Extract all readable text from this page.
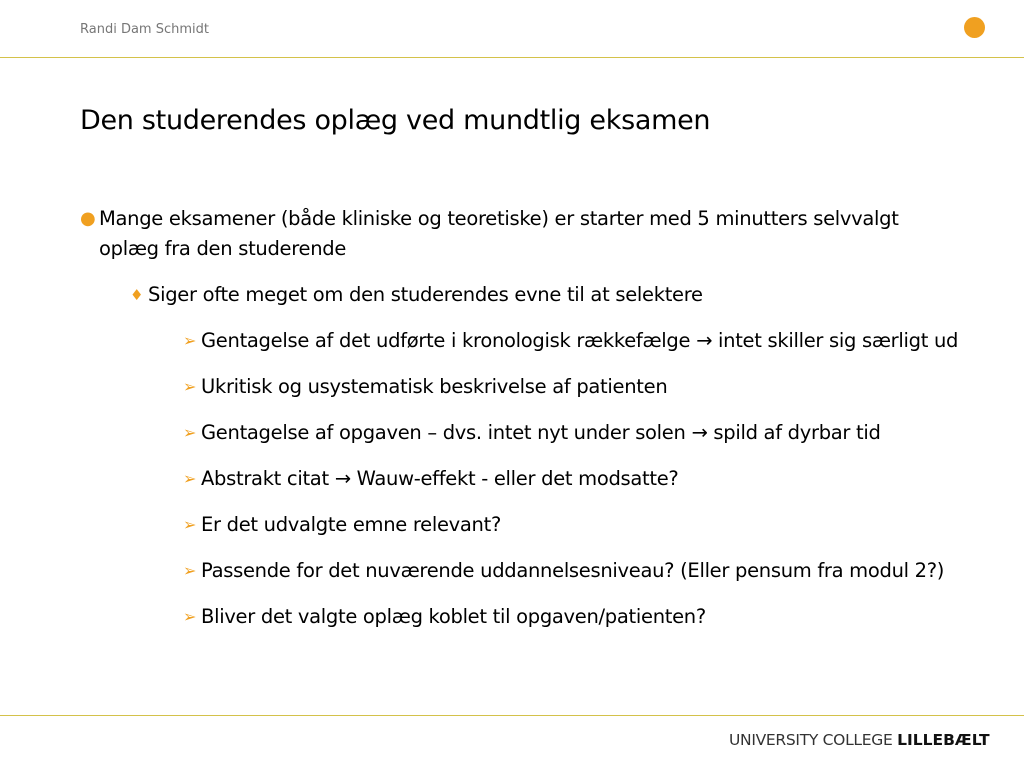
Randi Dam Schmidt
Den studerendes oplæg ved mundtlig eksamen
● Mange eksamener (både kliniske og teoretiske) er starter med 5 minutters selvvalgt oplæg fra den studerende
♦ Siger ofte meget om den studerendes evne til at selektere
➢ Gentagelse af det udførte i kronologisk rækkefælge → intet skiller sig særligt ud
➢ Ukritisk og usystematisk beskrivelse af patienten
➢ Gentagelse af opgaven – dvs. intet nyt under solen → spild af dyrbar tid
➢ Abstrakt citat → Wauw-effekt - eller det modsatte?
➢ Er det udvalgte emne relevant?
➢ Passende for det nuværende uddannelsesniveau? (Eller pensum fra modul 2?)
➢ Bliver det valgte oplæg koblet til opgaven/patienten?
UNIVERSITY COLLEGE LILLEBÆLT
